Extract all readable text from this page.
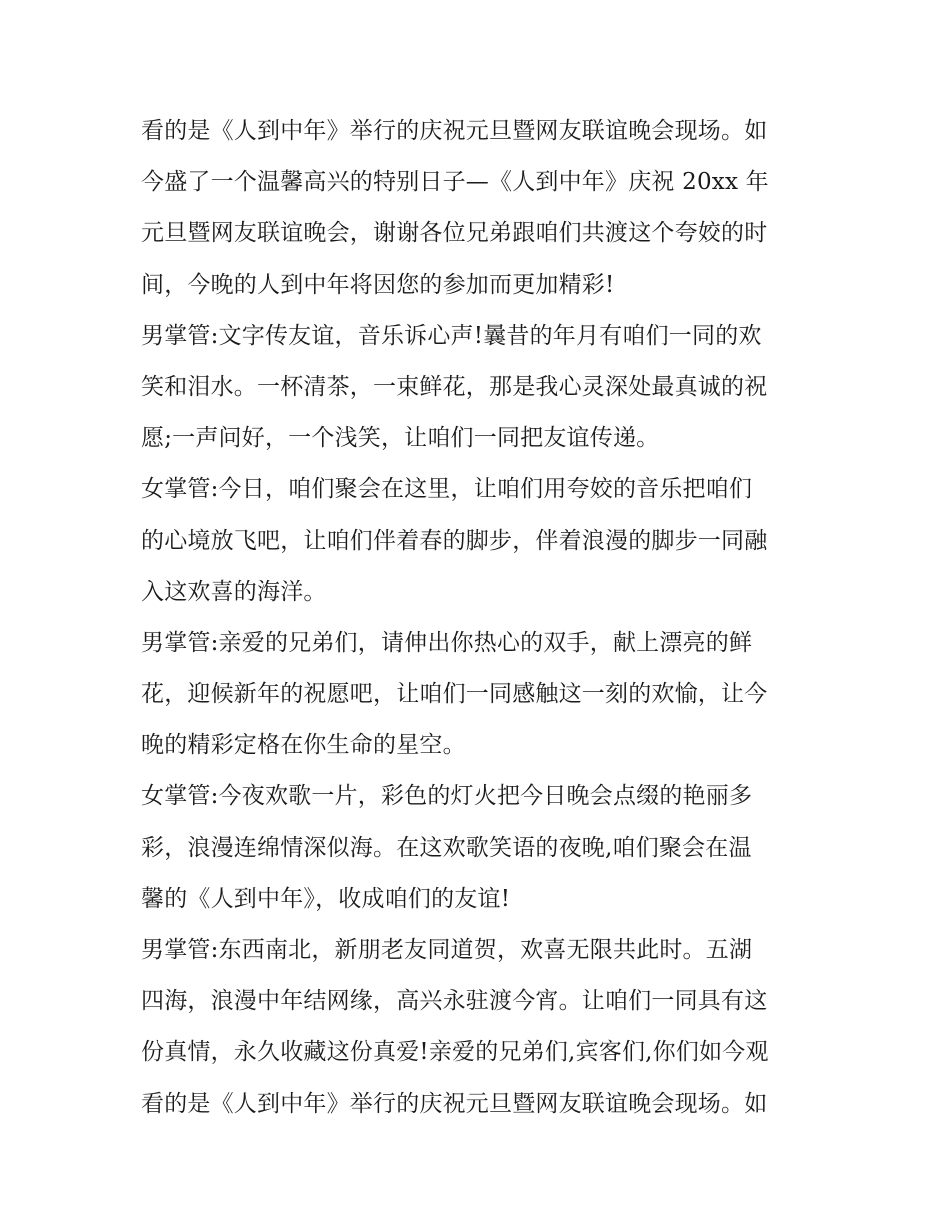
看的是《人到中年》举行的庆祝元旦暨网友联谊晚会现场。如
今盛了一个温馨高兴的特别日子—《人到中年》庆祝 20xx 年
元旦暨网友联谊晚会，谢谢各位兄弟跟咱们共渡这个夸姣的时
间，今晚的人到中年将因您的参加而更加精彩!
男掌管:文字传友谊，音乐诉心声!曩昔的年月有咱们一同的欢
笑和泪水。一杯清茶，一束鲜花，那是我心灵深处最真诚的祝
愿;一声问好，一个浅笑，让咱们一同把友谊传递。
女掌管:今日，咱们聚会在这里，让咱们用夸姣的音乐把咱们
的心境放飞吧，让咱们伴着春的脚步，伴着浪漫的脚步一同融
入这欢喜的海洋。
男掌管:亲爱的兄弟们，请伸出你热心的双手，献上漂亮的鲜
花，迎候新年的祝愿吧，让咱们一同感触这一刻的欢愉，让今
晚的精彩定格在你生命的星空。
女掌管:今夜欢歌一片，彩色的灯火把今日晚会点缀的艳丽多
彩，浪漫连绵情深似海。在这欢歌笑语的夜晚,咱们聚会在温
馨的《人到中年》，收成咱们的友谊!
男掌管:东西南北，新朋老友同道贺，欢喜无限共此时。五湖
四海，浪漫中年结网缘，高兴永驻渡今宵。让咱们一同具有这
份真情，永久收藏这份真爱!亲爱的兄弟们,宾客们,你们如今观
看的是《人到中年》举行的庆祝元旦暨网友联谊晚会现场。如
